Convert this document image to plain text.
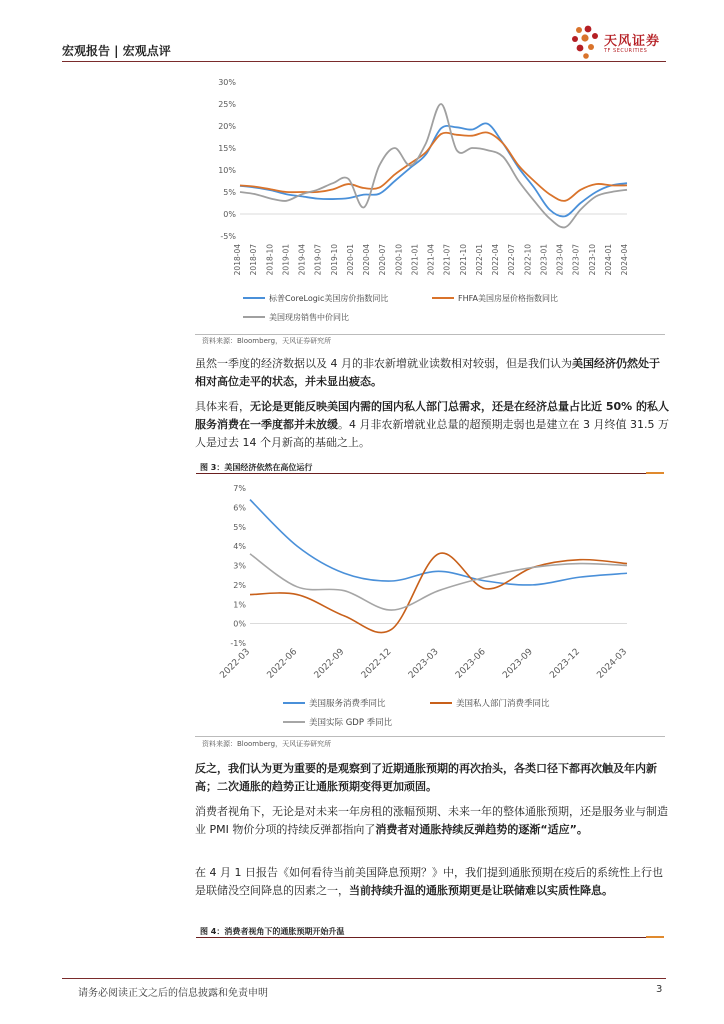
宏观报告 | 宏观点评
天风证券
TF SECURITIES
30%
25%
20%
15%
10%
5%
0%
-5%
2018-04 2018-07 2018-10 2019-01 2019-04 2019-07 2019-10 2020-01 2020-04 2020-07 2020-10 2021-01 2021-04 2021-07 2021-10 2022-01 2022-04 2022-07 2022-10 2023-01 2023-04 2023-07 2023-10 2024-01 2024-04
标普CoreLogic美国房价指数同比	FHFA美国房屋价格指数同比
美国现房销售中价同比
资料来源：Bloomberg，天风证券研究所
虽然一季度的经济数据以及 4 月的非农新增就业读数相对较弱，但是我们认为美国经济仍然处于相对高位走平的状态，并未显出疲态。
具体来看，无论是更能反映美国内需的国内私人部门总需求，还是在经济总量占比近 50% 的私人服务消费在一季度都并未放缓。4 月非农新增就业总量的超预期走弱也是建立在 3 月终值 31.5 万人是过去 14 个月新高的基础之上。
图 3：美国经济依然在高位运行
7%
6%
5%
4%
3%
2%
1%
0%
-1%
2022-03 2022-06 2022-09 2022-12 2023-03 2023-06 2023-09 2023-12 2024-03
美国服务消费季同比	美国私人部门消费季同比
美国实际 GDP 季同比
资料来源：Bloomberg，天风证券研究所
反之，我们认为更为重要的是观察到了近期通胀预期的再次抬头，各类口径下都再次触及年内新高；二次通胀的趋势正让通胀预期变得更加顽固。
消费者视角下，无论是对未来一年房租的涨幅预期、未来一年的整体通胀预期，还是服务业与制造业 PMI 物价分项的持续反弹都指向了消费者对通胀持续反弹趋势的逐渐“适应”。
在 4 月 1 日报告《如何看待当前美国降息预期？》中，我们提到通胀预期在疫后的系统性上行也是联储没空间降息的因素之一，当前持续升温的通胀预期更是让联储难以实质性降息。
图 4：消费者视角下的通胀预期开始升温
请务必阅读正文之后的信息披露和免责申明	3
